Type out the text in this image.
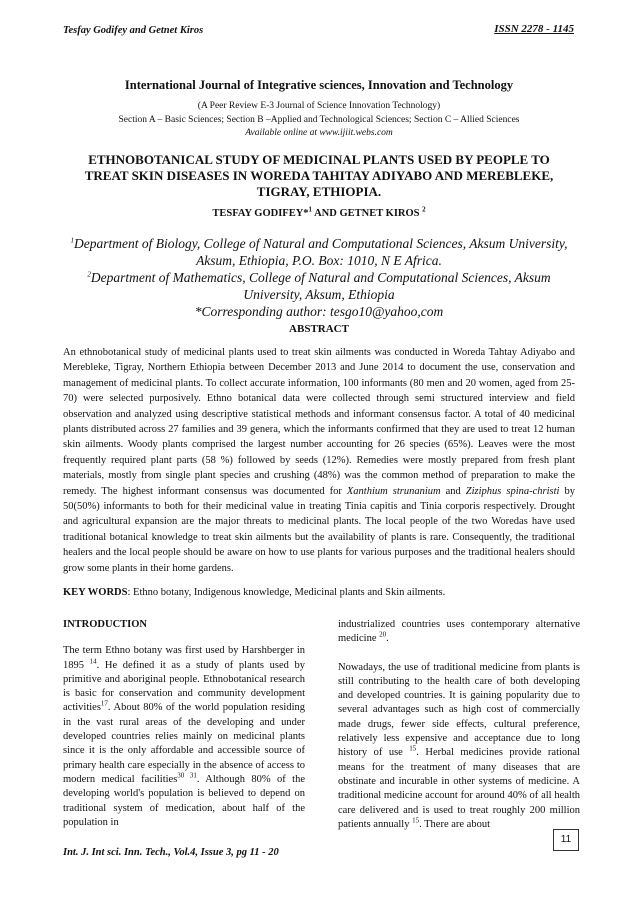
Tesfay Godifey and Getnet Kiros	ISSN 2278 - 1145
International Journal of Integrative sciences, Innovation and Technology
(A Peer Review E-3 Journal of Science Innovation Technology)
Section A – Basic Sciences; Section B –Applied and Technological Sciences; Section C – Allied Sciences
Available online at www.ijiit.webs.com
ETHNOBOTANICAL STUDY OF MEDICINAL PLANTS USED BY PEOPLE TO
TREAT SKIN DISEASES IN WOREDA TAHITAY ADIYABO AND MEREBLEKE,
TIGRAY, ETHIOPIA.
TESFAY GODIFEY*$^1$ AND GETNET KIROS $^2$
$^1$Department of Biology, College of Natural and Computational Sciences, Aksum University,
Aksum, Ethiopia, P.O. Box: 1010, N E Africa.
$^2$Department of Mathematics, College of Natural and Computational Sciences, Aksum
University, Aksum, Ethiopia
*Corresponding author: tesgo10@yahoo,com
ABSTRACT
An ethnobotanical study of medicinal plants used to treat skin ailments was conducted in Woreda Tahtay Adiyabo and Merebleke, Tigray, Northern Ethiopia between December 2013 and June 2014 to document the use, conservation and management of medicinal plants. To collect accurate information, 100 informants (80 men and 20 women, aged from 25-70) were selected purposively. Ethno botanical data were collected through semi structured interview and field observation and analyzed using descriptive statistical methods and informant consensus factor. A total of 40 medicinal plants distributed across 27 families and 39 genera, which the informants confirmed that they are used to treat 12 human skin ailments. Woody plants comprised the largest number accounting for 26 species (65%). Leaves were the most frequently required plant parts (58 %) followed by seeds (12%). Remedies were mostly prepared from fresh plant materials, mostly from single plant species and crushing (48%) was the common method of preparation to make the remedy. The highest informant consensus was documented for Xanthium strunanium and Ziziphus spina-christi by 50(50%) informants to both for their medicinal value in treating Tinia capitis and Tinia corporis respectively. Drought and agricultural expansion are the major threats to medicinal plants. The local people of the two Woredas have used traditional botanical knowledge to treat skin ailments but the availability of plants is rare. Consequently, the traditional healers and the local people should be aware on how to use plants for various purposes and the traditional healers should grow some plants in their home gardens.
KEY WORDS: Ethno botany, Indigenous knowledge, Medicinal plants and Skin ailments.
INTRODUCTION

The term Ethno botany was first used by Harshberger in 1895 $^{14}$. He defined it as a study of plants used by primitive and aboriginal people. Ethnobotanical research is basic for conservation and community development activities$^{17}$. About 80% of the world population residing in the vast rural areas of the developing and under developed countries relies mainly on medicinal plants since it is the only affordable and accessible source of primary health care especially in the absence of access to modern medical facilities$^{30 31}$. Although 80% of the developing world's population is believed to depend on traditional system of medication, about half of the population in

industrialized countries uses contemporary alternative medicine $^{20}$.

Nowadays, the use of traditional medicine from plants is still contributing to the health care of both developing and developed countries. It is gaining popularity due to several advantages such as high cost of commercially made drugs, fewer side effects, cultural preference, relatively less expensive and acceptance due to long history of use $^{15}$. Herbal medicines provide rational means for the treatment of many diseases that are obstinate and incurable in other systems of medicine. A traditional medicine account for around 40% of all health care delivered and is used to treat roughly 200 million patients annually $^{15}$. There are about

11
Int. J. Int sci. Inn. Tech., Vol.4, Issue 3, pg 11 - 20
